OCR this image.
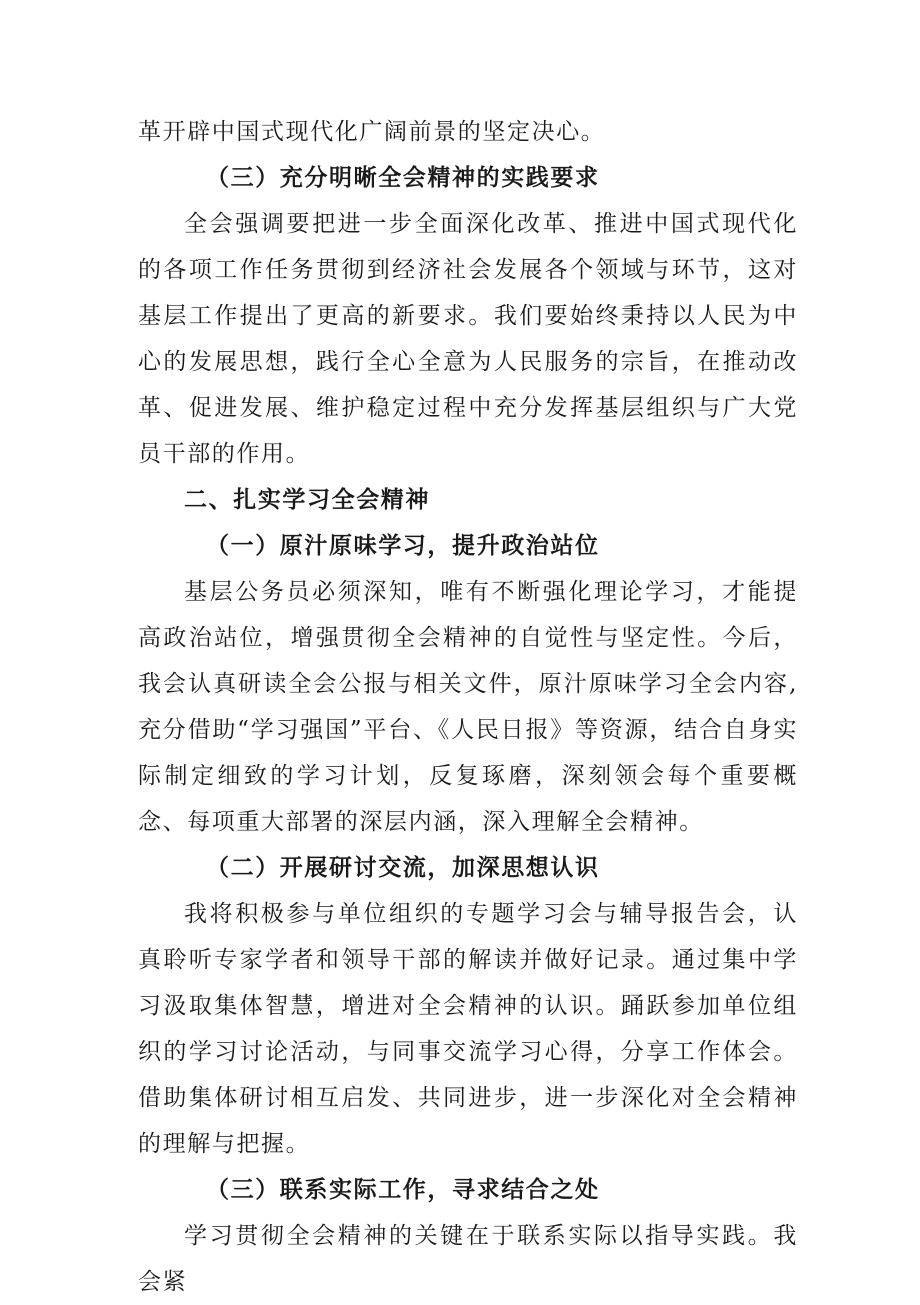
革开辟中国式现代化广阔前景的坚定决心。

（三）充分明晰全会精神的实践要求

全会强调要把进一步全面深化改革、推进中国式现代化的各项工作任务贯彻到经济社会发展各个领域与环节，这对基层工作提出了更高的新要求。我们要始终秉持以人民为中心的发展思想，践行全心全意为人民服务的宗旨，在推动改革、促进发展、维护稳定过程中充分发挥基层组织与广大党员干部的作用。

二、扎实学习全会精神

（一）原汁原味学习，提升政治站位

基层公务员必须深知，唯有不断强化理论学习，才能提高政治站位，增强贯彻全会精神的自觉性与坚定性。今后，我会认真研读全会公报与相关文件，原汁原味学习全会内容,充分借助“学习强国”平台、《人民日报》等资源，结合自身实际制定细致的学习计划，反复琢磨，深刻领会每个重要概念、每项重大部署的深层内涵，深入理解全会精神。

（二）开展研讨交流，加深思想认识

我将积极参与单位组织的专题学习会与辅导报告会，认真聆听专家学者和领导干部的解读并做好记录。通过集中学习汲取集体智慧，增进对全会精神的认识。踊跃参加单位组织的学习讨论活动，与同事交流学习心得，分享工作体会。借助集体研讨相互启发、共同进步，进一步深化对全会精神的理解与把握。

（三）联系实际工作，寻求结合之处

学习贯彻全会精神的关键在于联系实际以指导实践。我会紧
